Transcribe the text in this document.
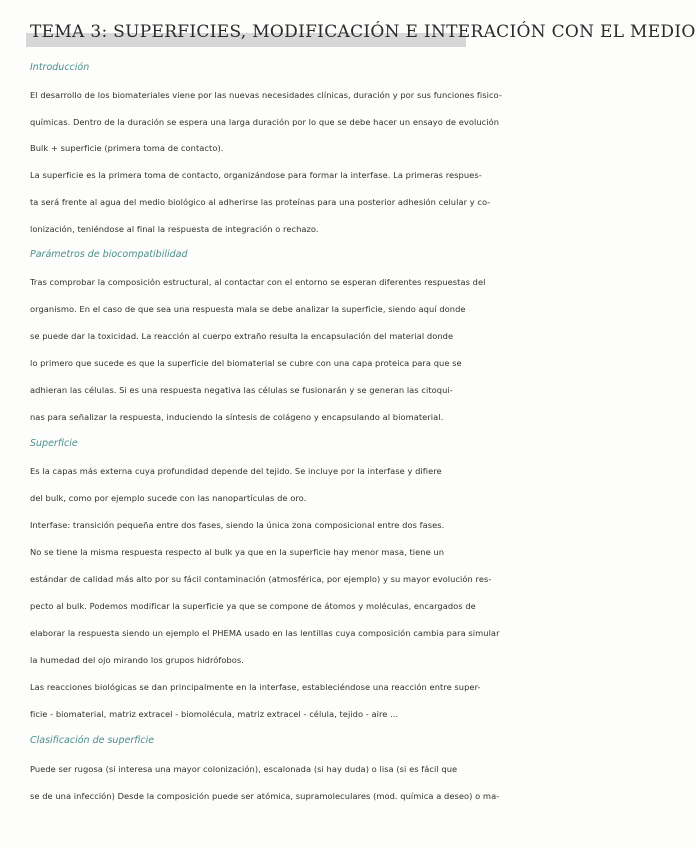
TEMA 3: SUPERFICIES, MODIFICACIÓN E INTERACIÓN CON EL MEDIO
Introducción
El desarrollo de los biomateriales viene por las nuevas necesidades clínicas, duración y por sus funciones fisico-
químicas. Dentro de la duración se espera una larga duración por lo que se debe hacer un ensayo de evolución
Bulk + superficie (primera toma de contacto).
La superficie es la primera toma de contacto, organizándose para formar la interfase. La primeras respues-
ta será frente al agua del medio biológico al adherirse las proteínas para una posterior adhesión celular y co-
lonización, teniéndose al final la respuesta de integración o rechazo.
Parámetros de biocompatibilidad
Tras comprobar la composición estructural, al contactar con el entorno se esperan diferentes respuestas del
organismo. En el caso de que sea una respuesta mala se debe analizar la superficie, siendo aquí donde
se puede dar la toxicidad. La reacción al cuerpo extraño resulta la encapsulación del material donde
lo primero que sucede es que la superficie del biomaterial se cubre con una capa proteica para que se
adhieran las células. Si es una respuesta negativa las células se fusionarán y se generan las citoqui-
nas para señalizar la respuesta, induciendo la síntesis de colágeno y encapsulando al biomaterial.
Superficie
Es la capas más externa cuya profundidad depende del tejido. Se incluye por la interfase y difiere
del bulk, como por ejemplo sucede con las nanopartículas de oro.
Interfase: transición pequeña entre dos fases, siendo la única zona composicional entre dos fases.
No se tiene la misma respuesta respecto al bulk ya que en la superficie hay menor masa, tiene un
estándar de calidad más alto por su fácil contaminación (atmosférica, por ejemplo) y su mayor evolución res-
pecto al bulk. Podemos modificar la superficie ya que se compone de átomos y moléculas, encargados de
elaborar la respuesta siendo un ejemplo el PHEMA usado en las lentillas cuya composición cambia para simular
la humedad del ojo mirando los grupos hidrófobos.
Las reacciones biológicas se dan principalmente en la interfase, estableciéndose una reacción entre super-
ficie - biomaterial, matriz extracel - biomolécula, matriz extracel - célula, tejido - aire ...
Clasificación de superficie
Puede ser rugosa (si interesa una mayor colonización), escalonada (si hay duda) o lisa (si es fácil que
se de una infección) Desde la composición puede ser atómica, supramoleculares (mod. química a deseo) o ma-
